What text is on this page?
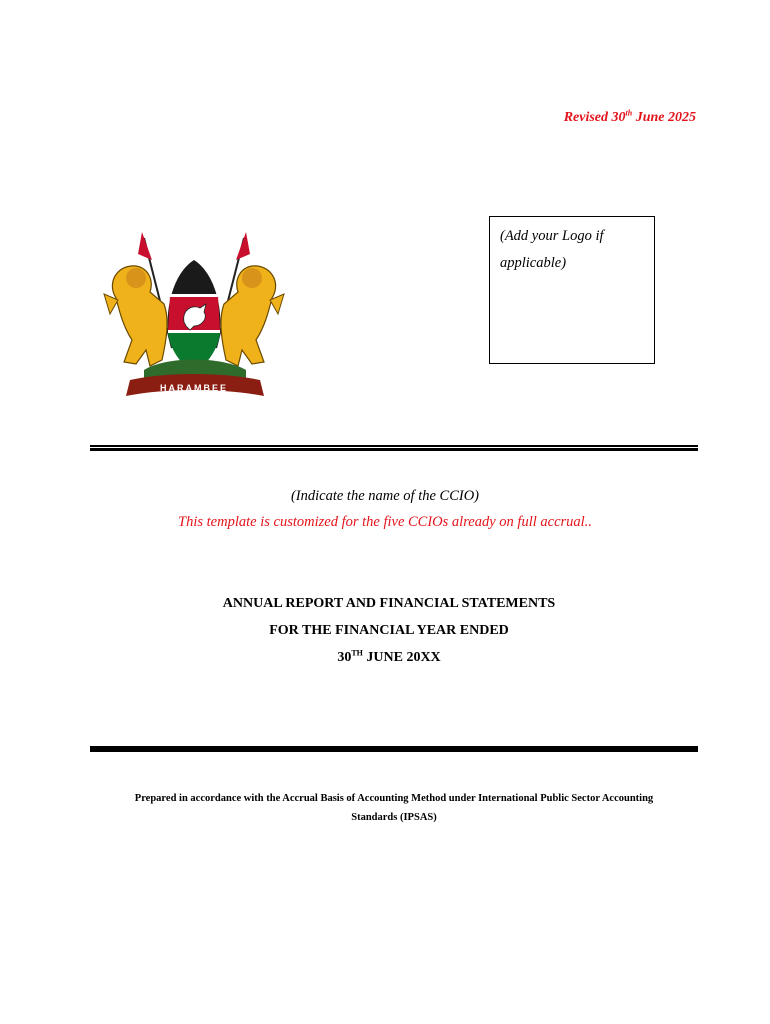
Revised 30th June 2025
HARAMBEE
(Add your Logo if
applicable)
(Indicate the name of the CCIO)
This template is customized for the five CCIOs already on full accrual..
ANNUAL REPORT AND FINANCIAL STATEMENTS
FOR THE FINANCIAL YEAR ENDED
30TH JUNE 20XX
Prepared in accordance with the Accrual Basis of Accounting Method under International Public Sector Accounting
Standards (IPSAS)
